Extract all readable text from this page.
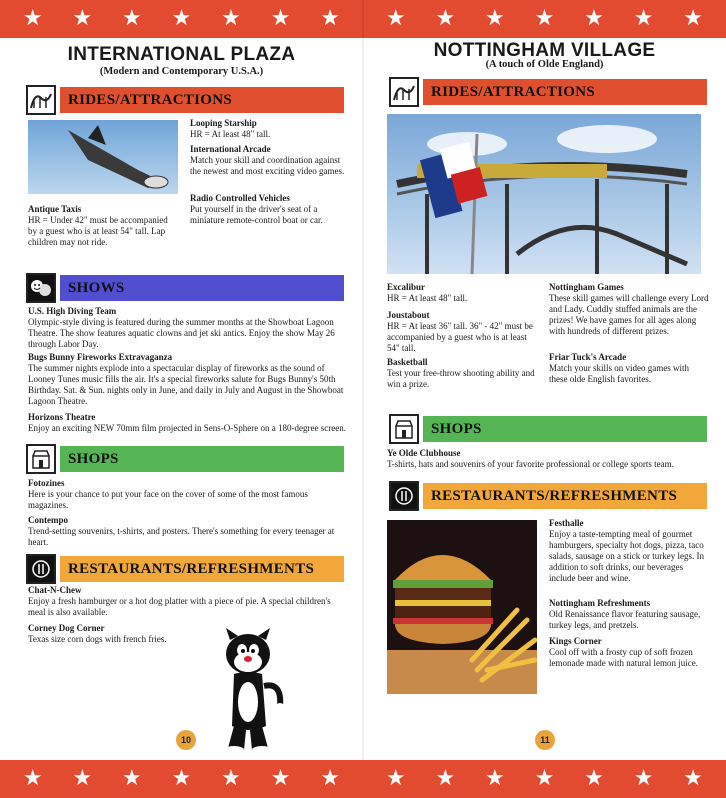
★ ★ ★ ★ ★ ★ ★ ★ ★ ★ ★ ★ ★ ★
INTERNATIONAL PLAZA
(Modern and Contemporary U.S.A.)
RIDES/ATTRACTIONS
Looping Starship
HR = At least 48" tall.
International Arcade
Match your skill and coordination against the newest and most exciting video games.
Radio Controlled Vehicles
Put yourself in the driver's seat of a miniature remote-control boat or car.
Antique Taxis
HR = Under 42" must be accompanied by a guest who is at least 54" tall. Lap children may not ride.
SHOWS
U.S. High Diving Team
Olympic-style diving is featured during the summer months at the Showboat Lagoon Theatre. The show features aquatic clowns and jet ski antics. Enjoy the show May 26 through Labor Day.
Bugs Bunny Fireworks Extravaganza
The summer nights explode into a spectacular display of fireworks as the sound of Looney Tunes music fills the air. It's a special fireworks salute for Bugs Bunny's 50th Birthday. Sat. & Sun. nights only in June, and daily in July and August in the Showboat Lagoon Theatre.
Horizons Theatre
Enjoy an exciting NEW 70mm film projected in Sens-O-Sphere on a 180-degree screen.
SHOPS
Fotozines
Here is your chance to put your face on the cover of some of the most famous magazines.
Contempo
Trend-setting souvenirs, t-shirts, and posters. There's something for every teenager at heart.
RESTAURANTS/REFRESHMENTS
Chat-N-Chew
Enjoy a fresh hamburger or a hot dog platter with a piece of pie. A special children's meal is also available.
Corney Dog Corner
Texas size corn dogs with french fries.
10
NOTTINGHAM VILLAGE
(A touch of Olde England)
RIDES/ATTRACTIONS
Excalibur
HR = At least 48" tall.
Joustabout
HR = At least 36" tall. 36" - 42" must be accompanied by a guest who is at least 54" tall.
Basketball
Test your free-throw shooting ability and win a prize.
Nottingham Games
These skill games will challenge every Lord and Lady. Cuddly stuffed animals are the prizes! We have games for all ages along with hundreds of different prizes.
Friar Tuck's Arcade
Match your skills on video games with these olde English favorites.
SHOPS
Ye Olde Clubhouse
T-shirts, hats and souvenirs of your favorite professional or college sports team.
RESTAURANTS/REFRESHMENTS
Festhalle
Enjoy a taste-tempting meal of gourmet hamburgers, specialty hot dogs, pizza, taco salads, sausage on a stick or turkey legs. In addition to soft drinks, our beverages include beer and wine.
Nottingham Refreshments
Old Renaissance flavor featuring sausage, turkey legs, and pretzels.
Kings Corner
Cool off with a frosty cup of soft frozen lemonade made with natural lemon juice.
11
★ ★ ★ ★ ★ ★ ★ ★ ★ ★ ★ ★ ★ ★
